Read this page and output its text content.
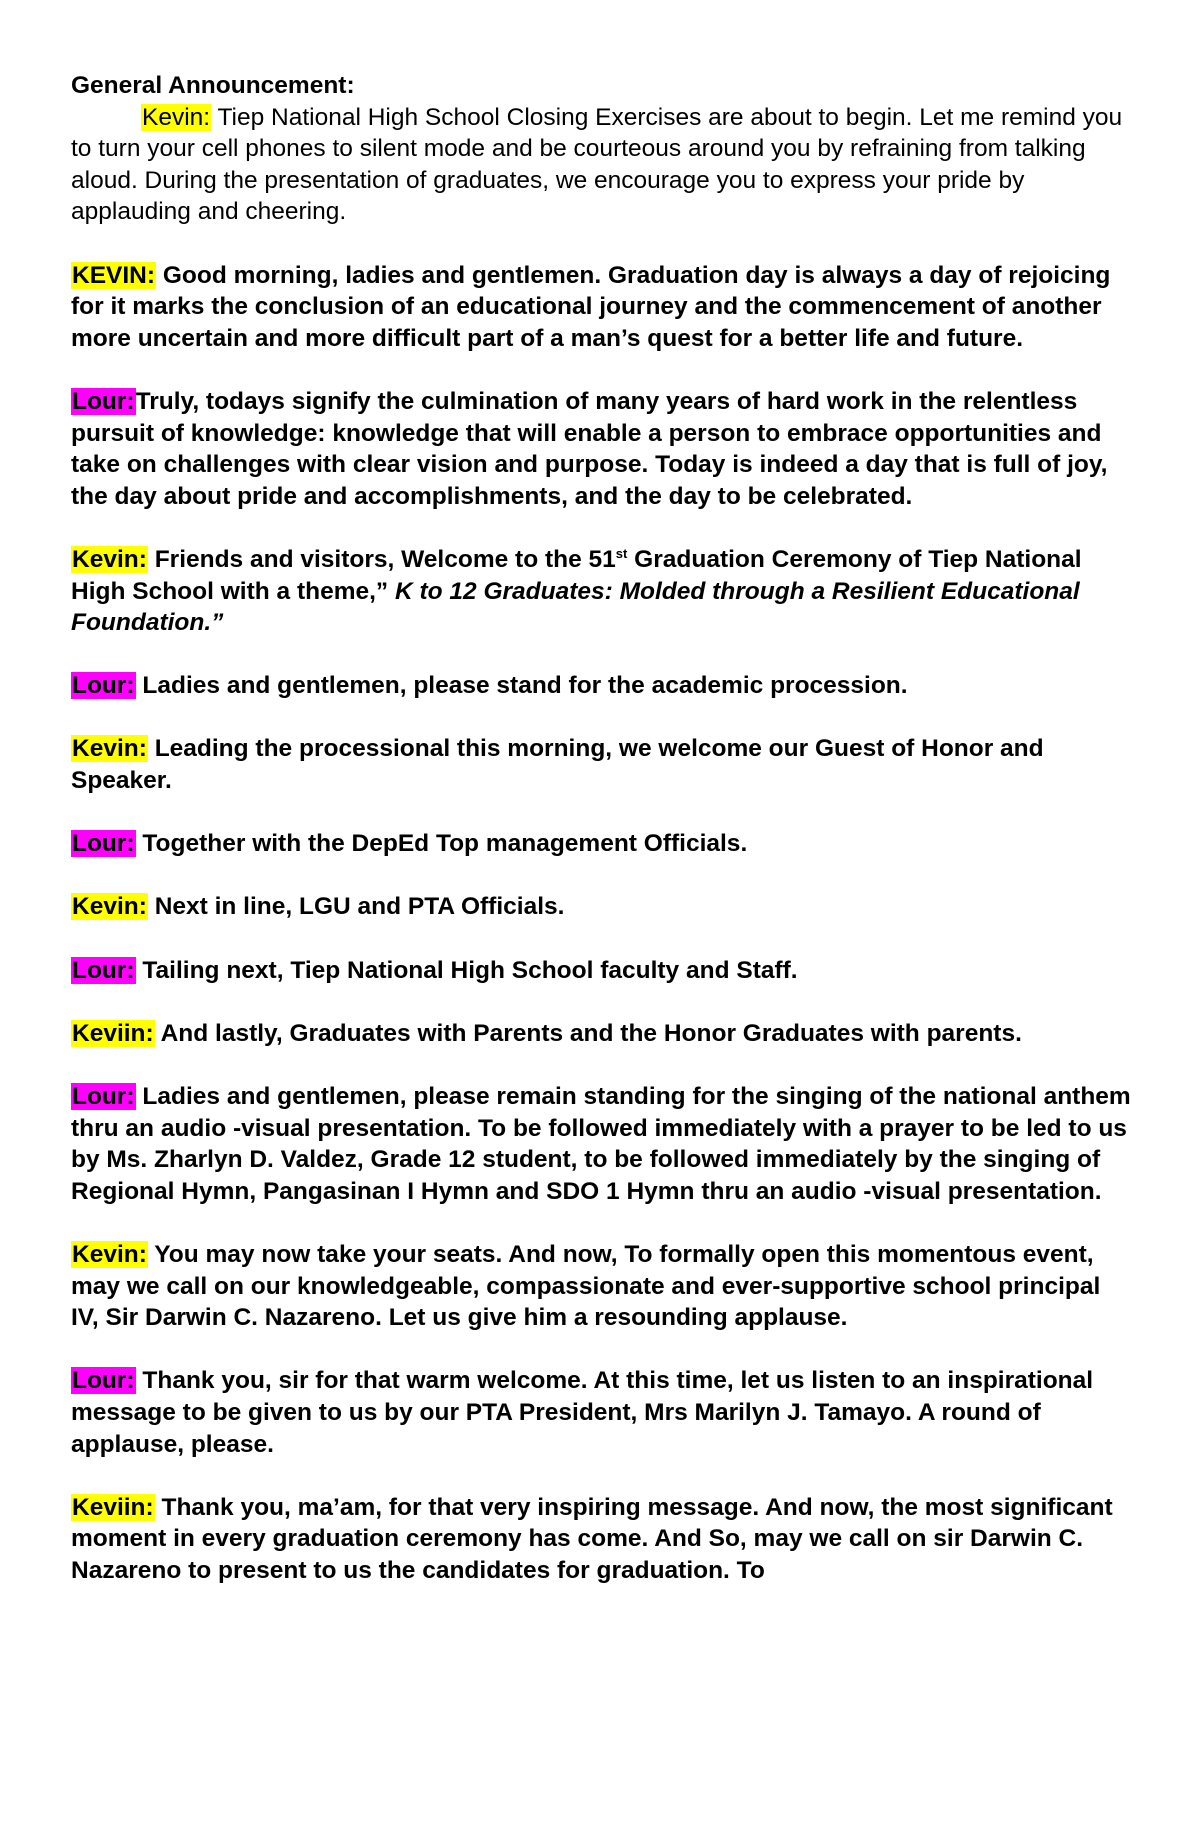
General Announcement:

Kevin: Tiep National High School Closing Exercises are about to begin. Let me remind you to turn your cell phones to silent mode and be courteous around you by refraining from talking aloud. During the presentation of graduates, we encourage you to express your pride by applauding and cheering.

KEVIN: Good morning, ladies and gentlemen. Graduation day is always a day of rejoicing for it marks the conclusion of an educational journey and the commencement of another more uncertain and more difficult part of a man’s quest for a better life and future.

Lour:Truly, todays signify the culmination of many years of hard work in the relentless pursuit of knowledge: knowledge that will enable a person to embrace opportunities and take on challenges with clear vision and purpose. Today is indeed a day that is full of joy, the day about pride and accomplishments, and the day to be celebrated.

Kevin: Friends and visitors, Welcome to the 51st Graduation Ceremony of Tiep National High School with a theme,” K to 12 Graduates: Molded through a Resilient Educational Foundation.”

Lour: Ladies and gentlemen, please stand for the academic procession.

Kevin: Leading the processional this morning, we welcome our Guest of Honor and Speaker.

Lour: Together with the DepEd Top management Officials.

Kevin: Next in line, LGU and PTA Officials.

Lour: Tailing next, Tiep National High School faculty and Staff.

Keviin: And lastly, Graduates with Parents and the Honor Graduates with parents.

Lour: Ladies and gentlemen, please remain standing for the singing of the national anthem thru an audio -visual presentation. To be followed immediately with a prayer to be led to us by Ms. Zharlyn D. Valdez, Grade 12 student, to be followed immediately by the singing of Regional Hymn, Pangasinan I Hymn and SDO 1 Hymn thru an audio -visual presentation.

Kevin: You may now take your seats. And now, To formally open this momentous event, may we call on our knowledgeable, compassionate and ever-supportive school principal IV, Sir Darwin C. Nazareno. Let us give him a resounding applause.

Lour: Thank you, sir for that warm welcome. At this time, let us listen to an inspirational message to be given to us by our PTA President, Mrs Marilyn J. Tamayo. A round of applause, please.

Keviin: Thank you, ma’am, for that very inspiring message. And now, the most significant moment in every graduation ceremony has come. And So, may we call on sir Darwin C. Nazareno to present to us the candidates for graduation. To
